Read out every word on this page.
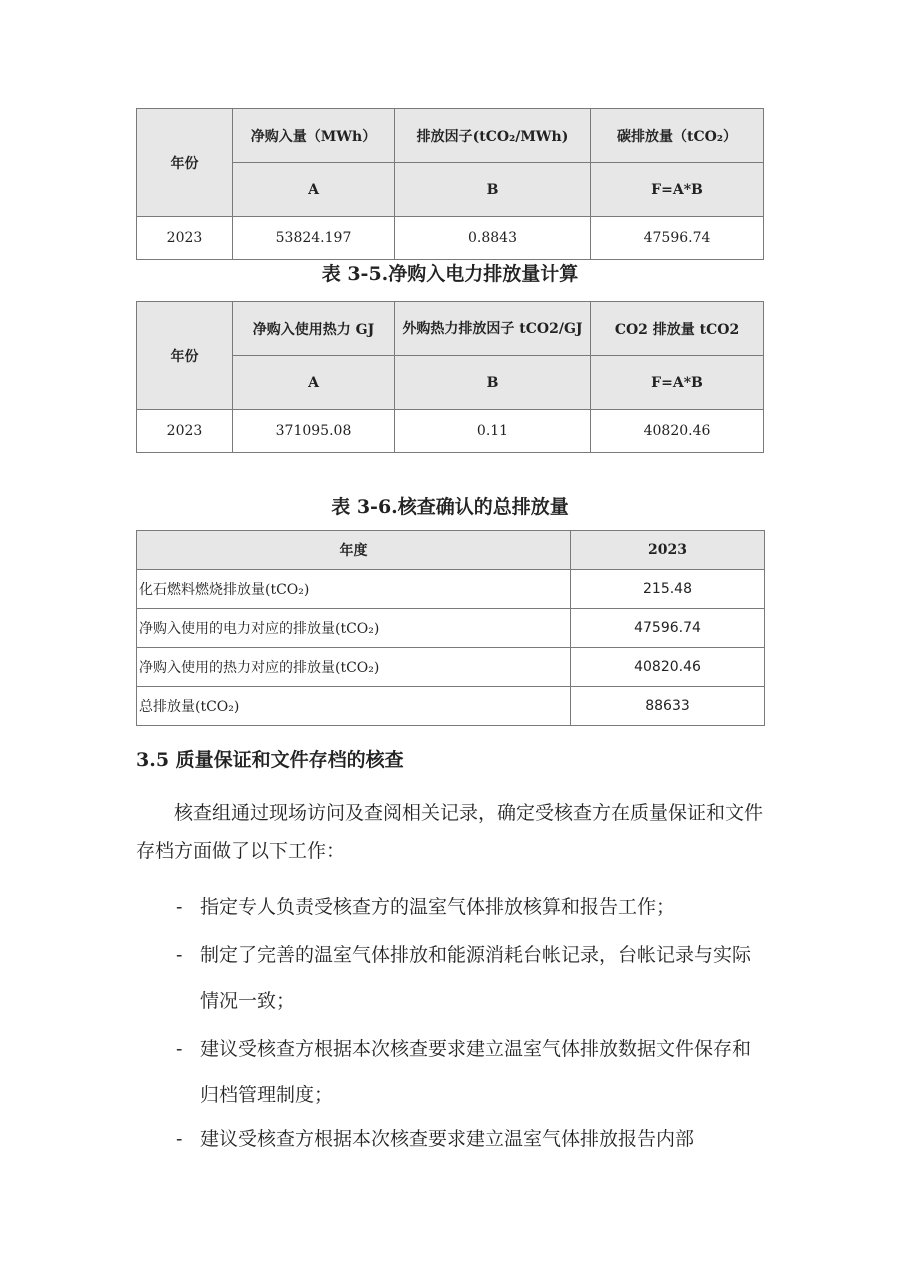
年份	净购入量（MWh）	排放因子(tCO₂/MWh)	碳排放量（tCO₂）
	A	B	F=A*B
2023	53824.197	0.8843	47596.74
表 3-5.净购入电力排放量计算
年份	净购入使用热力 GJ	外购热力排放因子 tCO2/GJ	CO2 排放量 tCO2
	A	B	F=A*B
2023	371095.08	0.11	40820.46
表 3-6.核查确认的总排放量
年度	2023
化石燃料燃烧排放量(tCO₂)	215.48
净购入使用的电力对应的排放量(tCO₂)	47596.74
净购入使用的热力对应的排放量(tCO₂)	40820.46
总排放量(tCO₂)	88633
3.5 质量保证和文件存档的核查
核查组通过现场访问及查阅相关记录，确定受核查方在质量保证和文件存档方面做了以下工作：
- 指定专人负责受核查方的温室气体排放核算和报告工作；
- 制定了完善的温室气体排放和能源消耗台帐记录，台帐记录与实际情况一致；
- 建议受核查方根据本次核查要求建立温室气体排放数据文件保存和归档管理制度；
- 建议受核查方根据本次核查要求建立温室气体排放报告内部
